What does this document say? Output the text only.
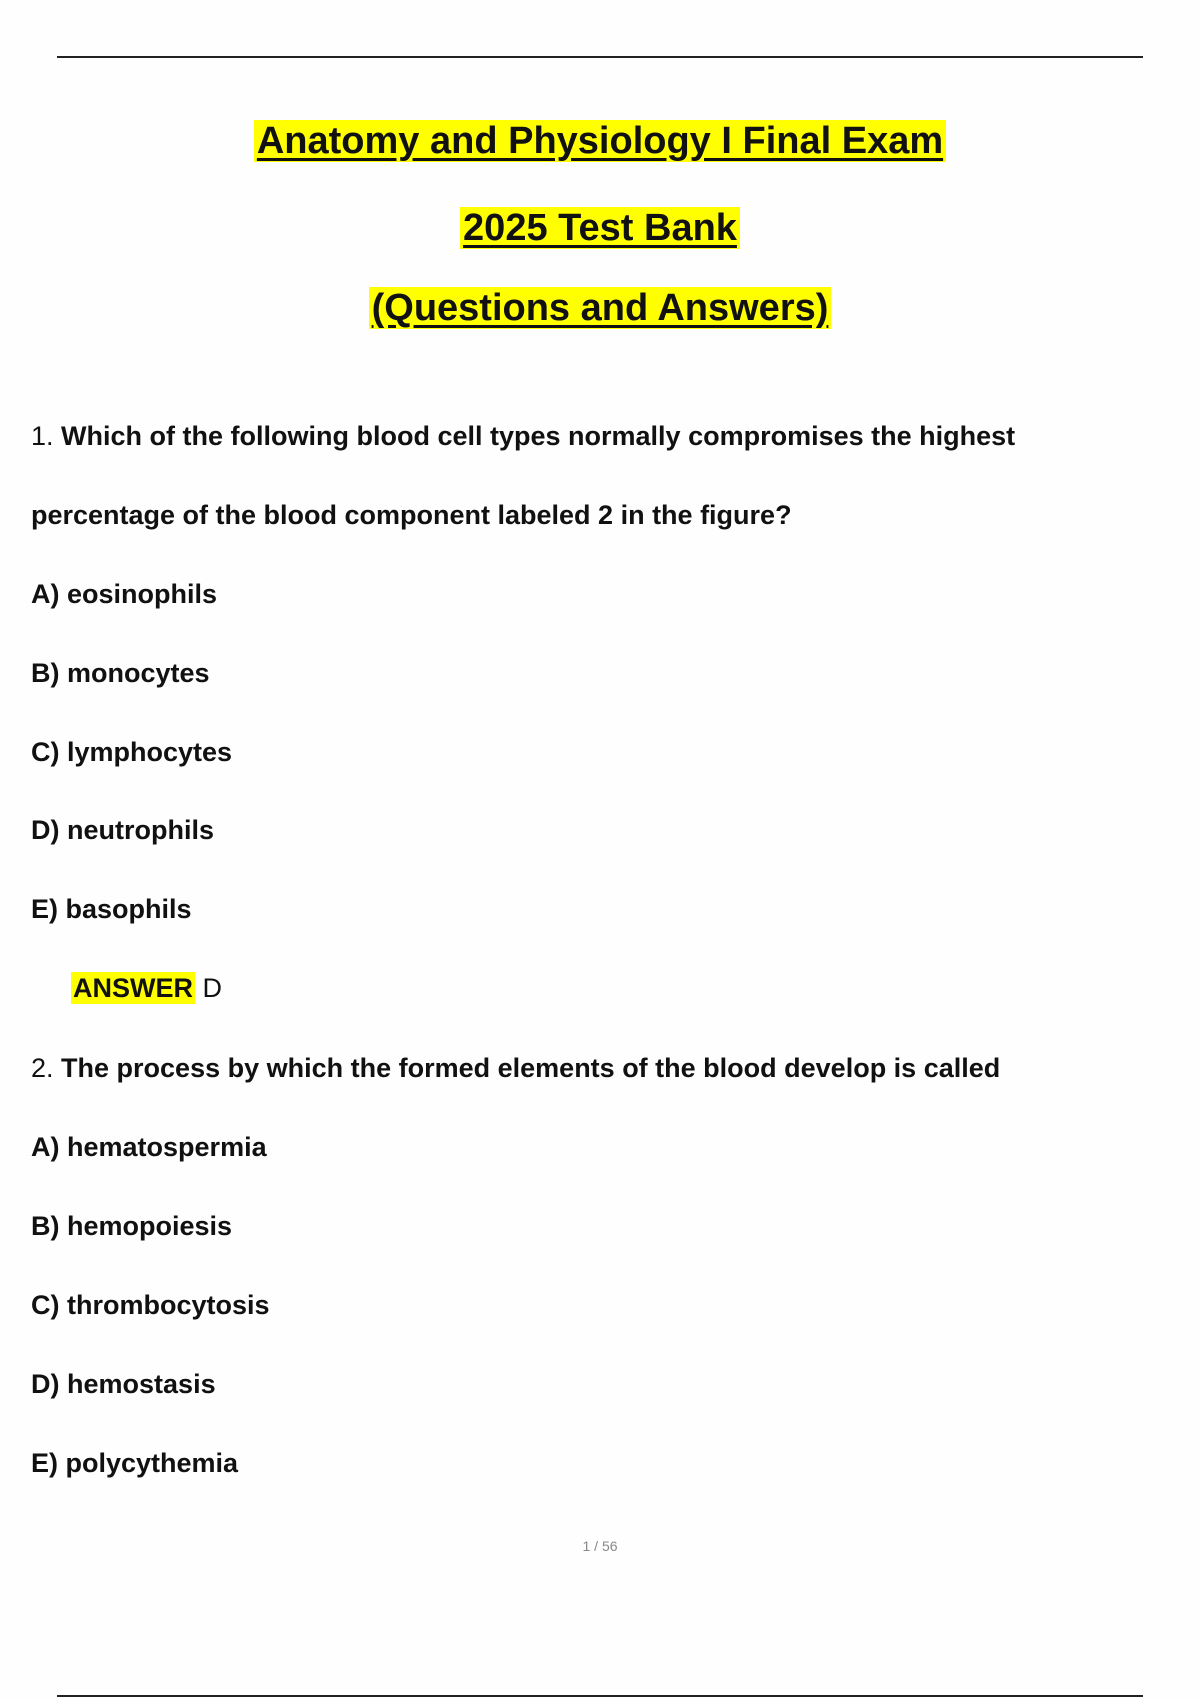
Anatomy and Physiology I Final Exam
2025 Test Bank
(Questions and Answers)
1. Which of the following blood cell types normally compromises the highest
percentage of the blood component labeled 2 in the figure?
A) eosinophils
B) monocytes
C) lymphocytes
D) neutrophils
E) basophils
ANSWER D
2. The process by which the formed elements of the blood develop is called
A) hematospermia
B) hemopoiesis
C) thrombocytosis
D) hemostasis
E) polycythemia
1 / 56
